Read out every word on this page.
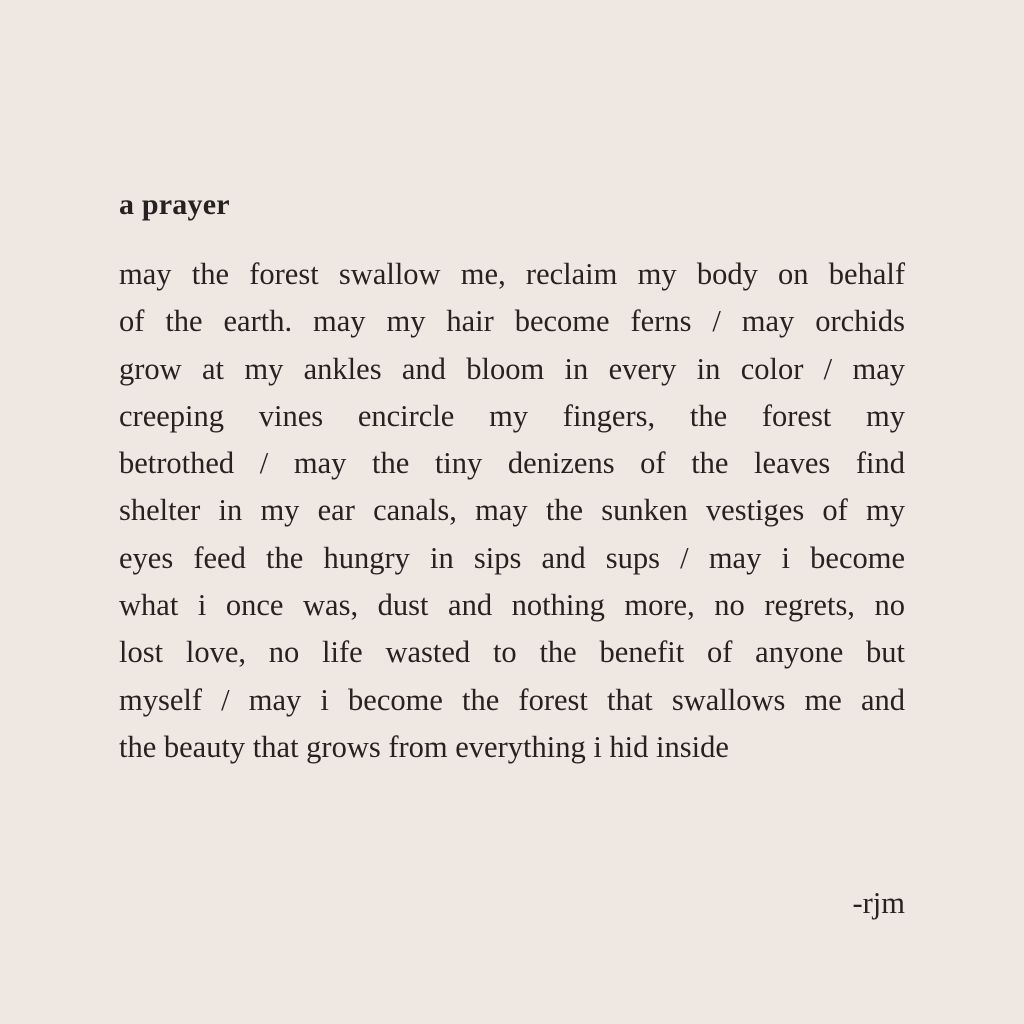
a prayer
may the forest swallow me, reclaim my body on behalf
of the earth. may my hair become ferns / may orchids
grow at my ankles and bloom in every in color / may
creeping vines encircle my fingers, the forest my
betrothed / may the tiny denizens of the leaves find
shelter in my ear canals, may the sunken vestiges of my
eyes feed the hungry in sips and sups / may i become
what i once was, dust and nothing more, no regrets, no
lost love, no life wasted to the benefit of anyone but
myself / may i become the forest that swallows me and
the beauty that grows from everything i hid inside

-rjm
